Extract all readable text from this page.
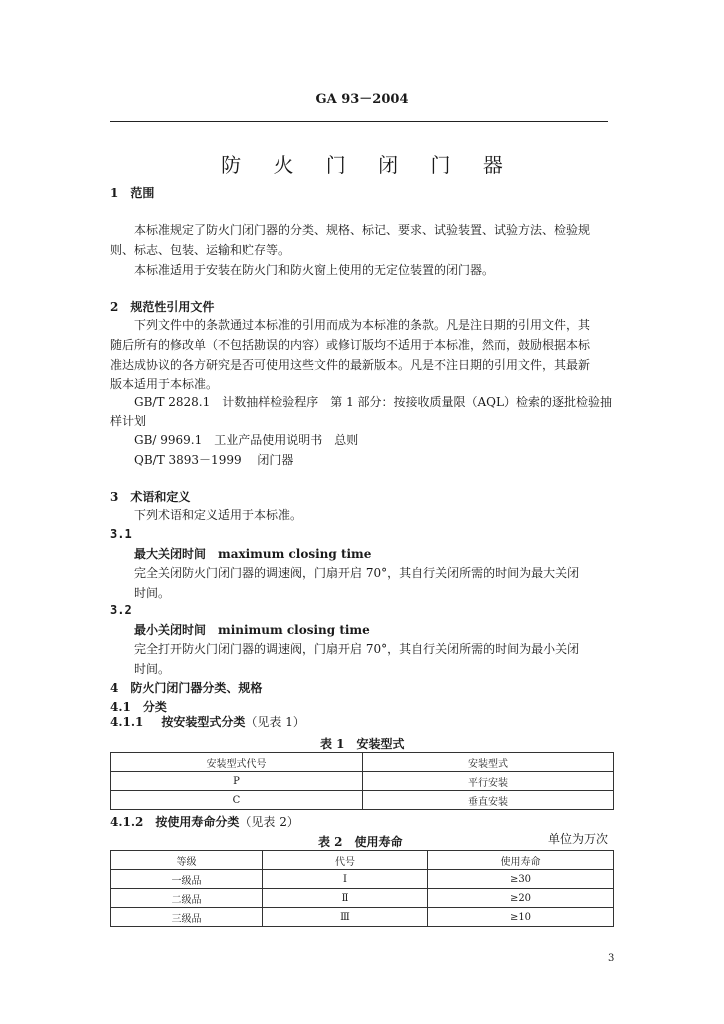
GA 93－2004
防 火 门 闭 门 器
1　范围
本标准规定了防火门闭门器的分类、规格、标记、要求、试验装置、试验方法、检验规
则、标志、包装、运输和贮存等。
本标准适用于安装在防火门和防火窗上使用的无定位装置的闭门器。
2　规范性引用文件
下列文件中的条款通过本标准的引用而成为本标准的条款。凡是注日期的引用文件，其
随后所有的修改单（不包括勘误的内容）或修订版均不适用于本标准，然而，鼓励根据本标
准达成协议的各方研究是否可使用这些文件的最新版本。凡是不注日期的引用文件，其最新
版本适用于本标准。
GB/T 2828.1　计数抽样检验程序　第 1 部分：按接收质量限（AQL）检索的逐批检验抽
样计划
GB/ 9969.1　工业产品使用说明书　总则
QB/T 3893－1999　 闭门器
3　术语和定义
下列术语和定义适用于本标准。
3.1
最大关闭时间　maximum closing time
完全关闭防火门闭门器的调速阀，门扇开启 70°，其自行关闭所需的时间为最大关闭
时间。
3.2
最小关闭时间　minimum closing time
完全打开防火门闭门器的调速阀，门扇开启 70°，其自行关闭所需的时间为最小关闭
时间。
4　防火门闭门器分类、规格
4.1　分类
4.1.1 按安装型式分类（见表 1）
表 1　安装型式
安装型式代号	安装型式
P	平行安装
C	垂直安装
4.1.2 按使用寿命分类（见表 2）
表 2　使用寿命	单位为万次
等级	代号	使用寿命
一级品	Ⅰ	≥30
二级品	Ⅱ	≥20
三级品	Ⅲ	≥10
3
